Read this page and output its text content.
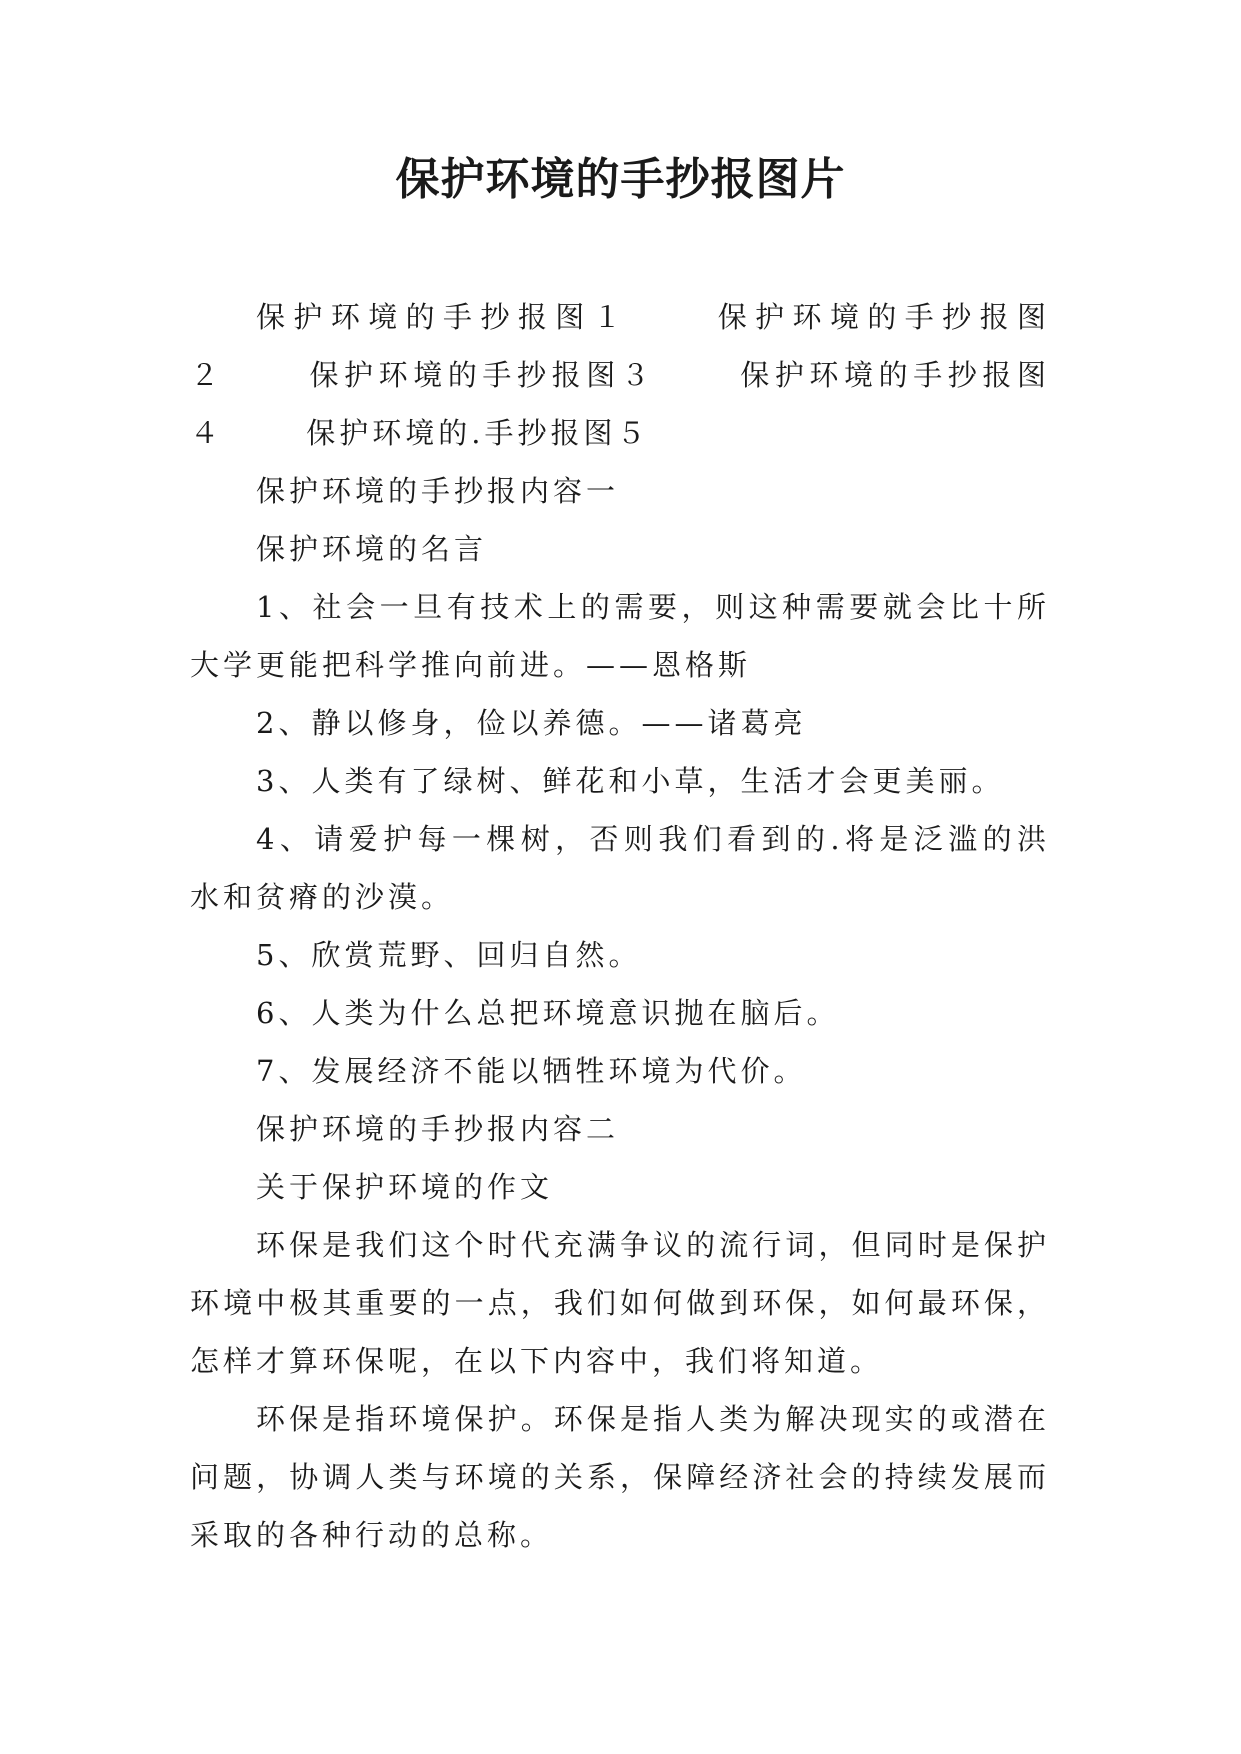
保护环境的手抄报图片

保护环境的手抄报图１	保护环境的手抄报图２	保护环境的手抄报图３	保护环境的手抄报图４	保护环境的.手抄报图５

保护环境的手抄报内容一

保护环境的名言

1、社会一旦有技术上的需要，则这种需要就会比十所大学更能把科学推向前进。——恩格斯

2、静以修身，俭以养德。——诸葛亮

3、人类有了绿树、鲜花和小草，生活才会更美丽。

4、请爱护每一棵树，否则我们看到的.将是泛滥的洪水和贫瘠的沙漠。

5、欣赏荒野、回归自然。

6、人类为什么总把环境意识抛在脑后。

7、发展经济不能以牺牲环境为代价。

保护环境的手抄报内容二

关于保护环境的作文

环保是我们这个时代充满争议的流行词，但同时是保护环境中极其重要的一点，我们如何做到环保，如何最环保，怎样才算环保呢，在以下内容中，我们将知道。

环保是指环境保护。环保是指人类为解决现实的或潜在问题，协调人类与环境的关系，保障经济社会的持续发展而采取的各种行动的总称。
